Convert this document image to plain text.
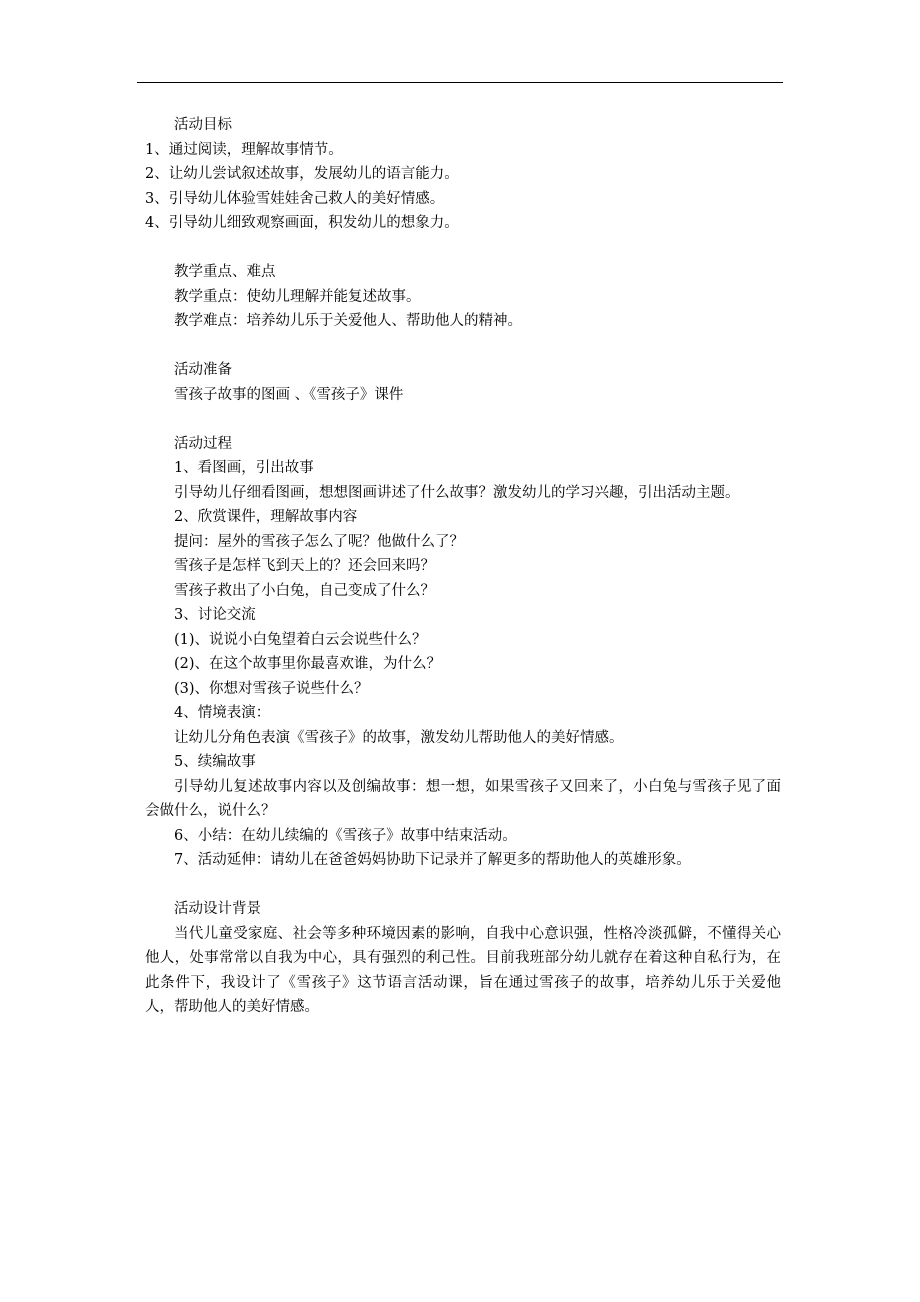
活动目标
1、通过阅读，理解故事情节。
2、让幼儿尝试叙述故事，发展幼儿的语言能力。
3、引导幼儿体验雪娃娃舍己救人的美好情感。
4、引导幼儿细致观察画面，积发幼儿的想象力。
教学重点、难点
教学重点：使幼儿理解并能复述故事。
教学难点：培养幼儿乐于关爱他人、帮助他人的精神。
活动准备
雪孩子故事的图画 、《雪孩子》课件
活动过程
1、看图画，引出故事
引导幼儿仔细看图画，想想图画讲述了什么故事？激发幼儿的学习兴趣，引出活动主题。
2、欣赏课件，理解故事内容
提问：屋外的雪孩子怎么了呢？他做什么了？
雪孩子是怎样飞到天上的？还会回来吗？
雪孩子救出了小白兔，自己变成了什么？
3、讨论交流
(1)、说说小白兔望着白云会说些什么？
(2)、在这个故事里你最喜欢谁，为什么？
(3)、你想对雪孩子说些什么？
4、情境表演：
让幼儿分角色表演《雪孩子》的故事，激发幼儿帮助他人的美好情感。
5、续编故事
引导幼儿复述故事内容以及创编故事：想一想，如果雪孩子又回来了，小白兔与雪孩子见了面会做什么，说什么？
6、小结：在幼儿续编的《雪孩子》故事中结束活动。
7、活动延伸：请幼儿在爸爸妈妈协助下记录并了解更多的帮助他人的英雄形象。
活动设计背景
当代儿童受家庭、社会等多种环境因素的影响，自我中心意识强，性格冷淡孤僻，不懂得关心他人，处事常常以自我为中心，具有强烈的利己性。目前我班部分幼儿就存在着这种自私行为，在此条件下，我设计了《雪孩子》这节语言活动课，旨在通过雪孩子的故事，培养幼儿乐于关爱他人，帮助他人的美好情感。
